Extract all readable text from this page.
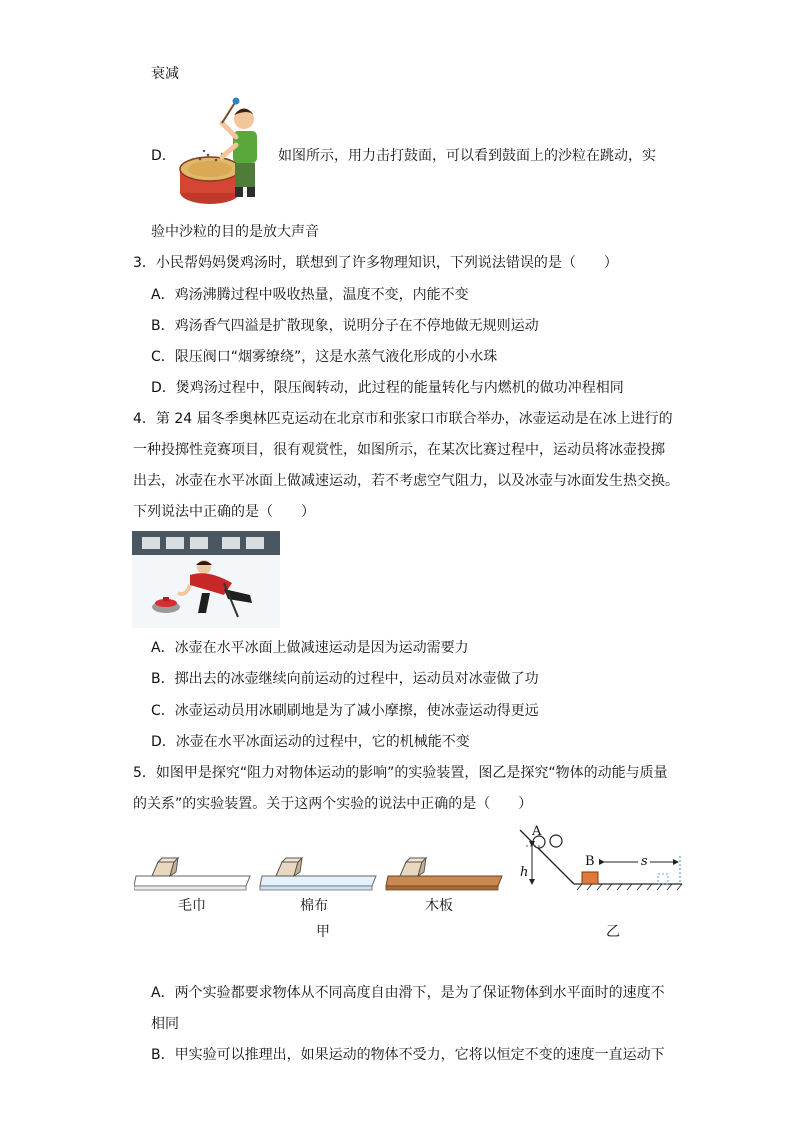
衰减
D．	如图所示，用力击打鼓面，可以看到鼓面上的沙粒在跳动，实
验中沙粒的目的是放大声音
3．小民帮妈妈煲鸡汤时，联想到了许多物理知识，下列说法错误的是（　　）
A．鸡汤沸腾过程中吸收热量，温度不变，内能不变
B．鸡汤香气四溢是扩散现象，说明分子在不停地做无规则运动
C．限压阀口“烟雾缭绕”，这是水蒸气液化形成的小水珠
D．煲鸡汤过程中，限压阀转动，此过程的能量转化与内燃机的做功冲程相同
4．第 24 届冬季奥林匹克运动在北京市和张家口市联合举办，冰壶运动是在冰上进行的
一种投掷性竞赛项目，很有观赏性，如图所示，在某次比赛过程中，运动员将冰壶投掷
出去，冰壶在水平冰面上做减速运动，若不考虑空气阻力，以及冰壶与冰面发生热交换。
下列说法中正确的是（　　）
A．冰壶在水平冰面上做减速运动是因为运动需要力
B．掷出去的冰壶继续向前运动的过程中，运动员对冰壶做了功
C．冰壶运动员用冰刷刷地是为了减小摩擦，使冰壶运动得更远
D．冰壶在水平冰面运动的过程中，它的机械能不变
5．如图甲是探究“阻力对物体运动的影响”的实验装置，图乙是探究“物体的动能与质量
的关系”的实验装置。关于这两个实验的说法中正确的是（　　）
毛巾	棉布	木板
甲
A
h
B	s
乙
A．两个实验都要求物体从不同高度自由滑下，是为了保证物体到水平面时的速度不
相同
B．甲实验可以推理出，如果运动的物体不受力，它将以恒定不变的速度一直运动下
